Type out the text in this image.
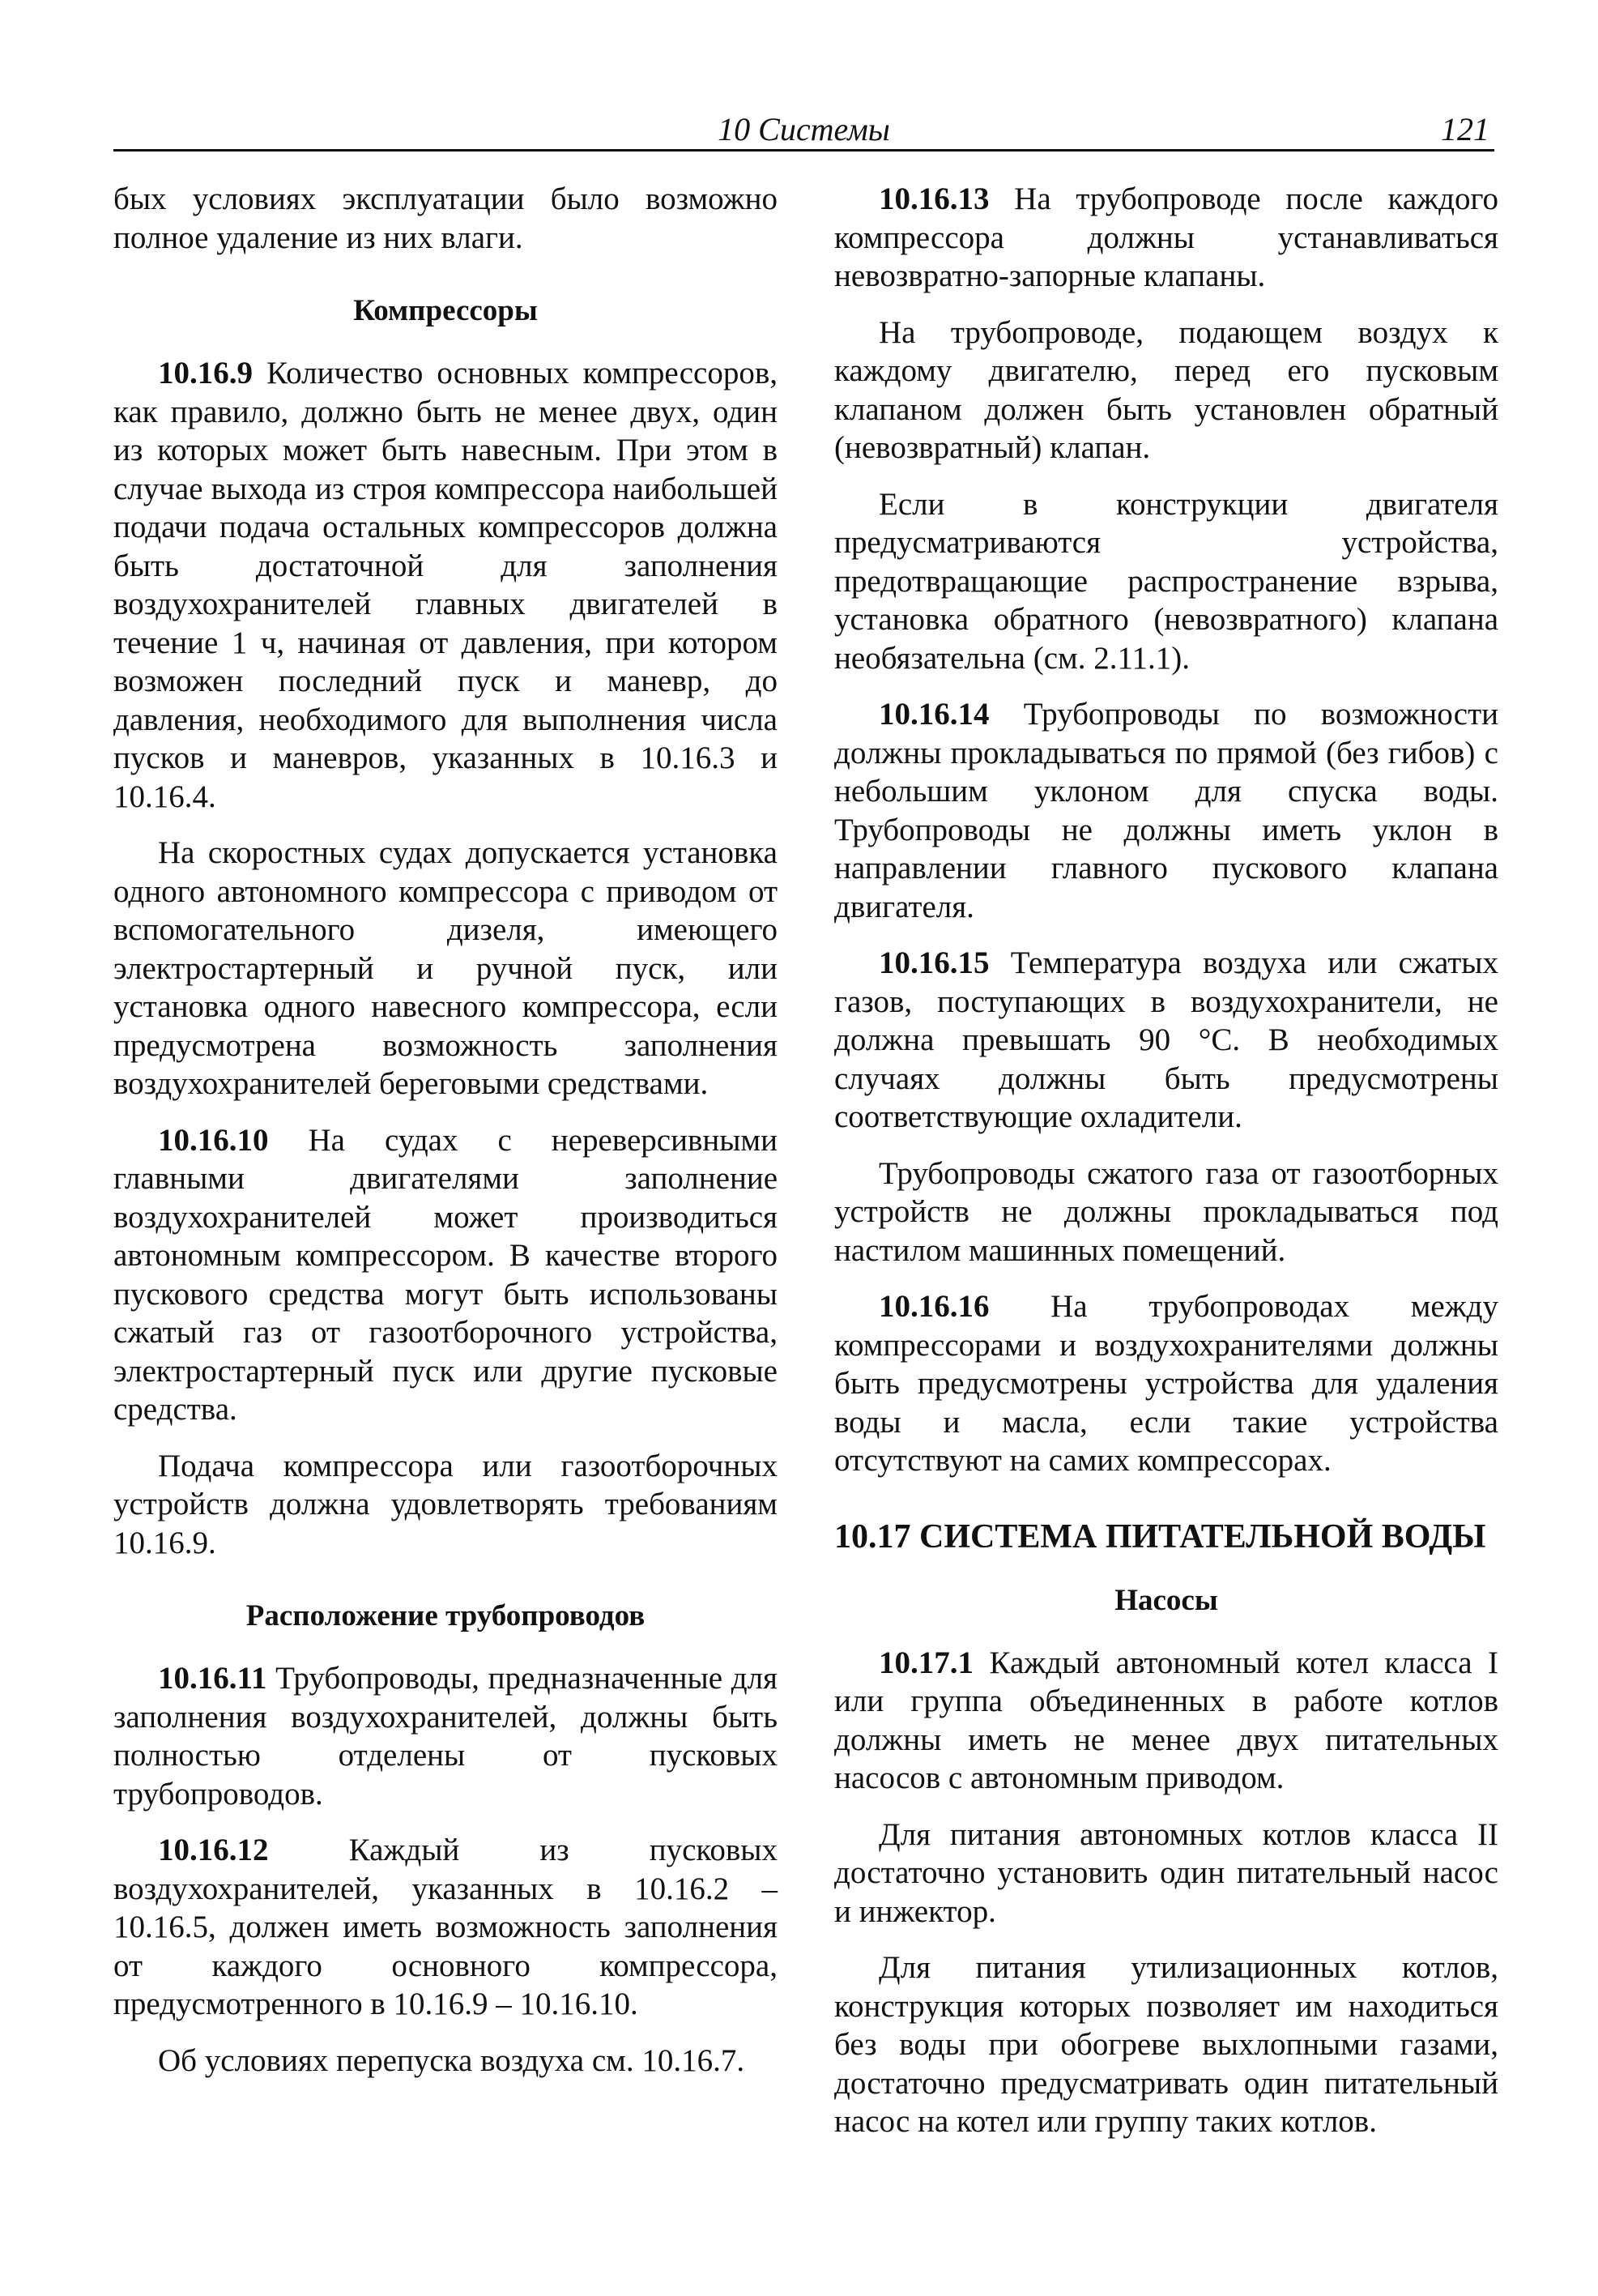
10 Системы	121

бых условиях эксплуатации было возможно полное удаление из них влаги.

Компрессоры

10.16.9 Количество основных компрессоров, как правило, должно быть не менее двух, один из которых может быть навесным. При этом в случае выхода из строя компрессора наибольшей подачи подача остальных компрессоров должна быть достаточной для заполнения воздухохранителей главных двигателей в течение 1 ч, начиная от давления, при котором возможен последний пуск и маневр, до давления, необходимого для выполнения числа пусков и маневров, указанных в 10.16.3 и 10.16.4.

На скоростных судах допускается установка одного автономного компрессора с приводом от вспомогательного дизеля, имеющего электростартерный и ручной пуск, или установка одного навесного компрессора, если предусмотрена возможность заполнения воздухохранителей береговыми средствами.

10.16.10 На судах с нереверсивными главными двигателями заполнение воздухохранителей может производиться автономным компрессором. В качестве второго пускового средства могут быть использованы сжатый газ от газоотборочного устройства, электростартерный пуск или другие пусковые средства.

Подача компрессора или газоотборочных устройств должна удовлетворять требованиям 10.16.9.

Расположение трубопроводов

10.16.11 Трубопроводы, предназначенные для заполнения воздухохранителей, должны быть полностью отделены от пусковых трубопроводов.

10.16.12 Каждый из пусковых воздухохранителей, указанных в 10.16.2 – 10.16.5, должен иметь возможность заполнения от каждого основного компрессора, предусмотренного в 10.16.9 – 10.16.10.

Об условиях перепуска воздуха см. 10.16.7.

10.16.13 На трубопроводе после каждого компрессора должны устанавливаться невозвратно-запорные клапаны.

На трубопроводе, подающем воздух к каждому двигателю, перед его пусковым клапаном должен быть установлен обратный (невозвратный) клапан.

Если в конструкции двигателя предусматриваются устройства, предотвращающие распространение взрыва, установка обратного (невозвратного) клапана необязательна (см. 2.11.1).

10.16.14 Трубопроводы по возможности должны прокладываться по прямой (без гибов) с небольшим уклоном для спуска воды. Трубопроводы не должны иметь уклон в направлении главного пускового клапана двигателя.

10.16.15 Температура воздуха или сжатых газов, поступающих в воздухохранители, не должна превышать 90 °С. В необходимых случаях должны быть предусмотрены соответствующие охладители.

Трубопроводы сжатого газа от газоотборных устройств не должны прокладываться под настилом машинных помещений.

10.16.16 На трубопроводах между компрессорами и воздухохранителями должны быть предусмотрены устройства для удаления воды и масла, если такие устройства отсутствуют на самих компрессорах.

10.17 СИСТЕМА ПИТАТЕЛЬНОЙ ВОДЫ
Насосы

10.17.1 Каждый автономный котел класса I или группа объединенных в работе котлов должны иметь не менее двух питательных насосов с автономным приводом.

Для питания автономных котлов класса II достаточно установить один питательный насос и инжектор.

Для питания утилизационных котлов, конструкция которых позволяет им находиться без воды при обогреве выхлопными газами, достаточно предусматривать один питательный насос на котел или группу таких котлов.
